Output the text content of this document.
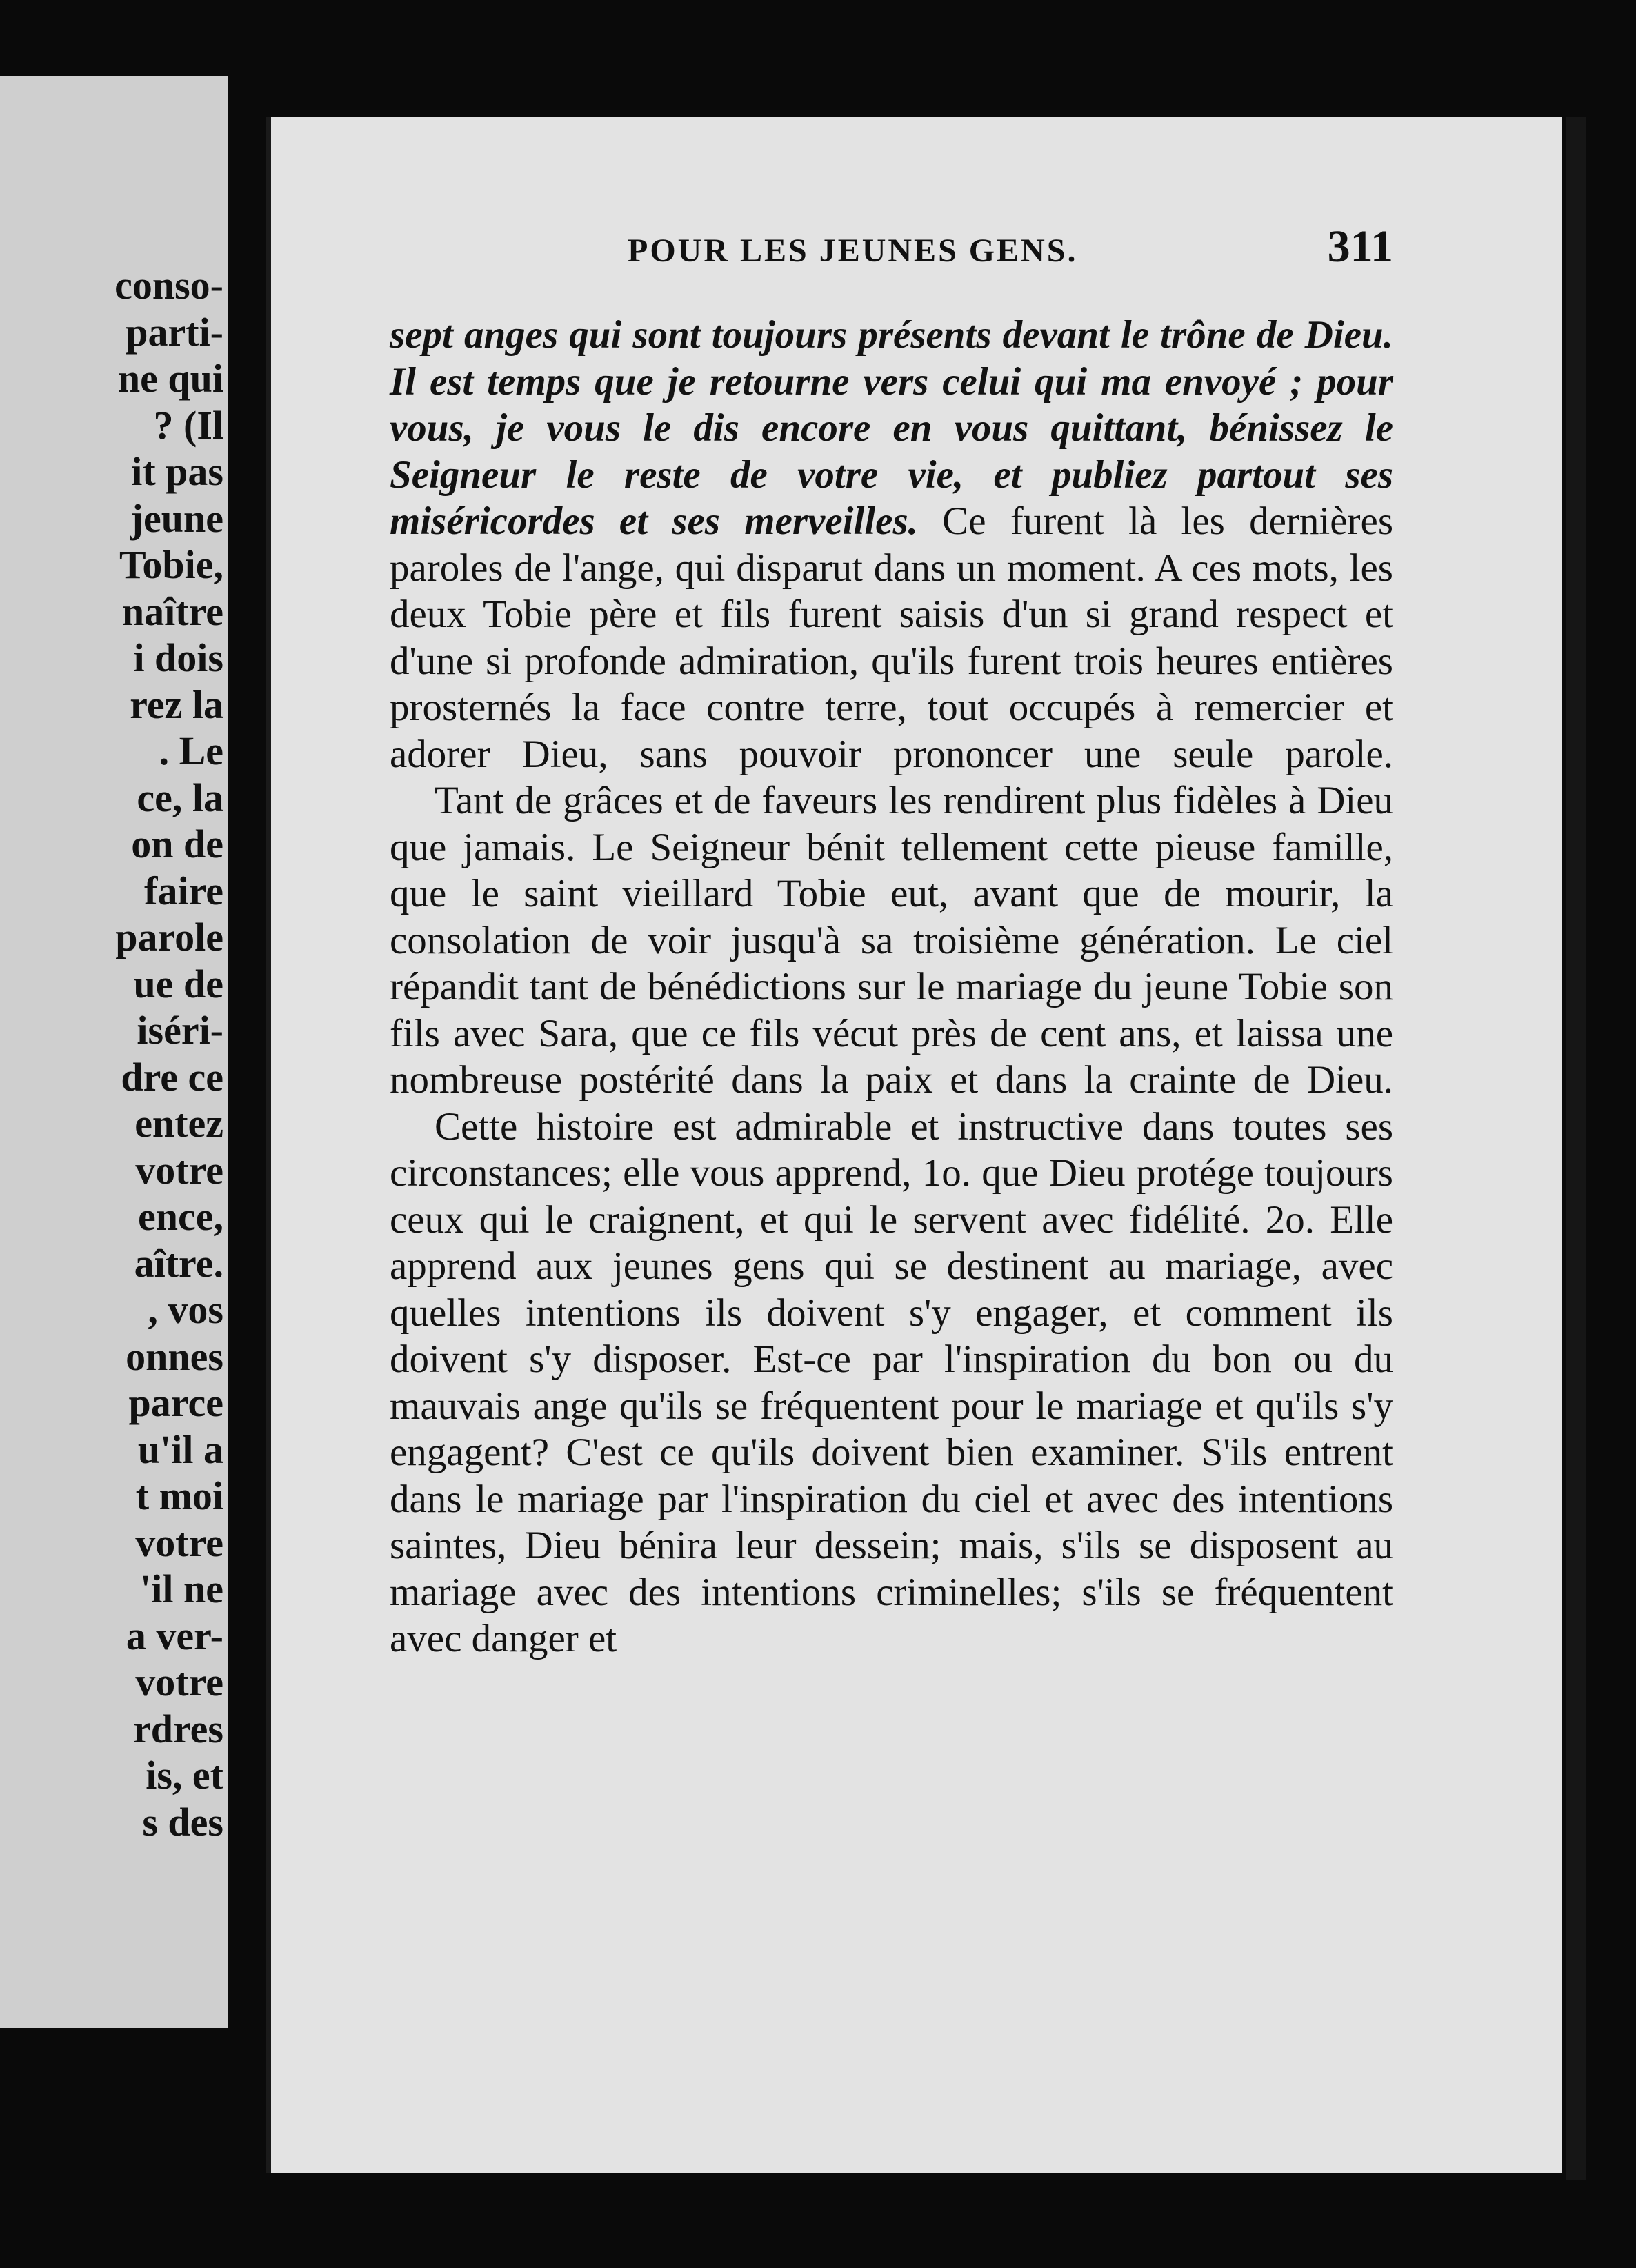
consо-
parti-
ne qui
? (Il
it pas
jeune
Tobie,
naître
i dois
rez la
. Le
ce, la
on de
faire
parole
ue de
iséri-
dre ce
entez
votre
ence,
aître.
, vos
onnes
parce
u'il a
t moi
votre
'il ne
a ver-
votre
rdres
is, et
s des
POUR LES JEUNES GENS.	311

sept anges qui sont toujours présents devant le trône de Dieu. Il est temps que je retourne vers celui qui ma envoyé ; pour vous, je vous le dis encore en vous quittant, bénissez le Seigneur le reste de votre vie, et publiez partout ses miséricordes et ses merveilles. Ce furent là les dernières paroles de l'ange, qui disparut dans un moment. A ces mots, les deux Tobie père et fils furent saisis d'un si grand respect et d'une si profonde admiration, qu'ils furent trois heures entières prosternés la face contre terre, tout occupés à remercier et adorer Dieu, sans pouvoir prononcer une seule parole.

Tant de grâces et de faveurs les rendirent plus fidèles à Dieu que jamais. Le Seigneur bénit tellement cette pieuse famille, que le saint vieillard Tobie eut, avant que de mourir, la consolation de voir jusqu'à sa troisième génération. Le ciel répandit tant de bénédictions sur le mariage du jeune Tobie son fils avec Sara, que ce fils vécut près de cent ans, et laissa une nombreuse postérité dans la paix et dans la crainte de Dieu.

Cette histoire est admirable et instructive dans toutes ses circonstances; elle vous apprend, 1o. que Dieu protége toujours ceux qui le craignent, et qui le servent avec fidélité. 2o. Elle apprend aux jeunes gens qui se destinent au mariage, avec quelles intentions ils doivent s'y engager, et comment ils doivent s'y disposer. Est-ce par l'inspiration du bon ou du mauvais ange qu'ils se fréquentent pour le mariage et qu'ils s'y engagent? C'est ce qu'ils doivent bien examiner. S'ils entrent dans le mariage par l'inspiration du ciel et avec des intentions saintes, Dieu bénira leur dessein; mais, s'ils se disposent au mariage avec des intentions criminelles; s'ils se fréquentent avec danger et
